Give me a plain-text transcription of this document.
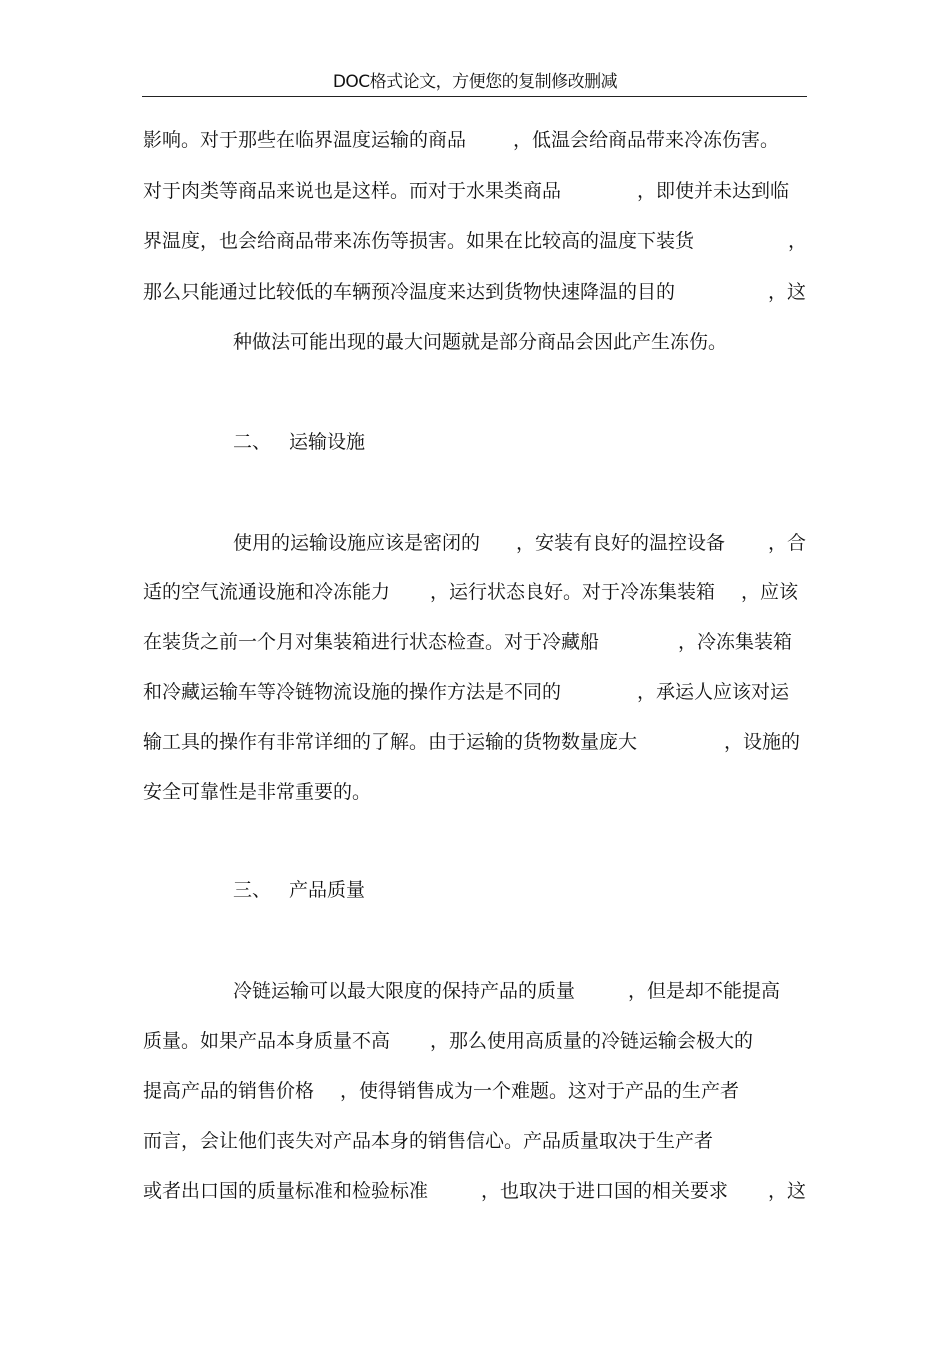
DOC格式论文，方便您的复制修改删减
影响。对于那些在临界温度运输的商品 ，低温会给商品带来冷冻伤害。
对于肉类等商品来说也是这样。而对于水果类商品	，即使并未达到临
界温度，也会给商品带来冻伤等损害。如果在比较高的温度下装货	，
那么只能通过比较低的车辆预冷温度来达到货物快速降温的目的	，这
种做法可能出现的最大问题就是部分商品会因此产生冻伤。
二、 运输设施
使用的运输设施应该是密闭的 ，安装有良好的温控设备 ，合
适的空气流通设施和冷冻能力 ，运行状态良好。对于冷冻集装箱 ，应该
在装货之前一个月对集装箱进行状态检查。对于冷藏船	，冷冻集装箱
和冷藏运输车等冷链物流设施的操作方法是不同的	，承运人应该对运
输工具的操作有非常详细的了解。由于运输的货物数量庞大	，设施的
安全可靠性是非常重要的。
三、 产品质量
冷链运输可以最大限度的保持产品的质量	，但是却不能提高
质量。如果产品本身质量不高 ，那么使用高质量的冷链运输会极大的
提高产品的销售价格 ，使得销售成为一个难题。这对于产品的生产者
而言，会让他们丧失对产品本身的销售信心。产品质量取决于生产者
或者出口国的质量标准和检验标准	，也取决于进口国的相关要求 ，这
